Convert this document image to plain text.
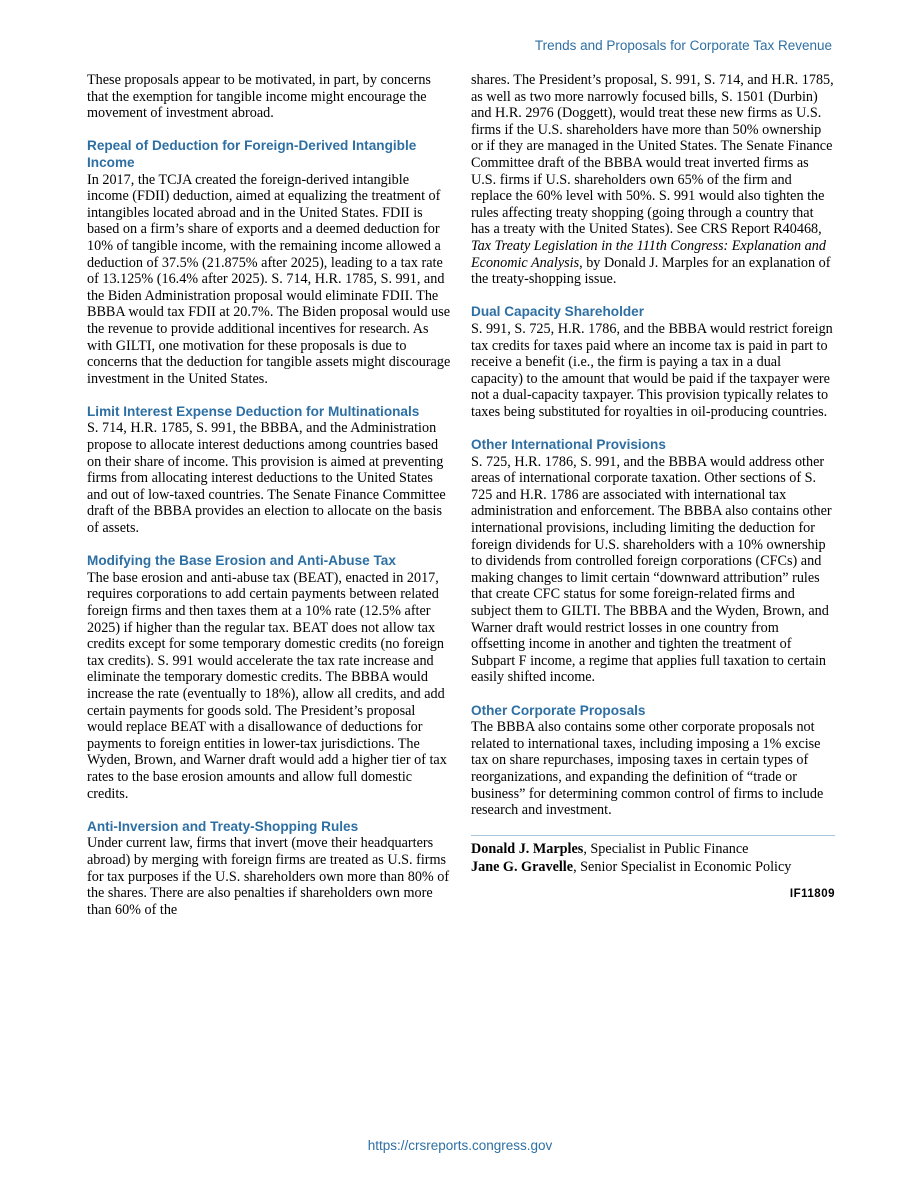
Trends and Proposals for Corporate Tax Revenue

These proposals appear to be motivated, in part, by concerns that the exemption for tangible income might encourage the movement of investment abroad.

Repeal of Deduction for Foreign-Derived Intangible Income

In 2017, the TCJA created the foreign-derived intangible income (FDII) deduction, aimed at equalizing the treatment of intangibles located abroad and in the United States. FDII is based on a firm’s share of exports and a deemed deduction for 10% of tangible income, with the remaining income allowed a deduction of 37.5% (21.875% after 2025), leading to a tax rate of 13.125% (16.4% after 2025). S. 714, H.R. 1785, S. 991, and the Biden Administration proposal would eliminate FDII. The BBBA would tax FDII at 20.7%. The Biden proposal would use the revenue to provide additional incentives for research. As with GILTI, one motivation for these proposals is due to concerns that the deduction for tangible assets might discourage investment in the United States.

Limit Interest Expense Deduction for Multinationals

S. 714, H.R. 1785, S. 991, the BBBA, and the Administration propose to allocate interest deductions among countries based on their share of income. This provision is aimed at preventing firms from allocating interest deductions to the United States and out of low-taxed countries. The Senate Finance Committee draft of the BBBA provides an election to allocate on the basis of assets.

Modifying the Base Erosion and Anti-Abuse Tax

The base erosion and anti-abuse tax (BEAT), enacted in 2017, requires corporations to add certain payments between related foreign firms and then taxes them at a 10% rate (12.5% after 2025) if higher than the regular tax. BEAT does not allow tax credits except for some temporary domestic credits (no foreign tax credits). S. 991 would accelerate the tax rate increase and eliminate the temporary domestic credits. The BBBA would increase the rate (eventually to 18%), allow all credits, and add certain payments for goods sold. The President’s proposal would replace BEAT with a disallowance of deductions for payments to foreign entities in lower-tax jurisdictions. The Wyden, Brown, and Warner draft would add a higher tier of tax rates to the base erosion amounts and allow full domestic credits.

Anti-Inversion and Treaty-Shopping Rules

Under current law, firms that invert (move their headquarters abroad) by merging with foreign firms are treated as U.S. firms for tax purposes if the U.S. shareholders own more than 80% of the shares. There are also penalties if shareholders own more than 60% of the

shares. The President’s proposal, S. 991, S. 714, and H.R. 1785, as well as two more narrowly focused bills, S. 1501 (Durbin) and H.R. 2976 (Doggett), would treat these new firms as U.S. firms if the U.S. shareholders have more than 50% ownership or if they are managed in the United States. The Senate Finance Committee draft of the BBBA would treat inverted firms as U.S. firms if U.S. shareholders own 65% of the firm and replace the 60% level with 50%. S. 991 would also tighten the rules affecting treaty shopping (going through a country that has a treaty with the United States). See CRS Report R40468, Tax Treaty Legislation in the 111th Congress: Explanation and Economic Analysis, by Donald J. Marples for an explanation of the treaty-shopping issue.

Dual Capacity Shareholder

S. 991, S. 725, H.R. 1786, and the BBBA would restrict foreign tax credits for taxes paid where an income tax is paid in part to receive a benefit (i.e., the firm is paying a tax in a dual capacity) to the amount that would be paid if the taxpayer were not a dual-capacity taxpayer. This provision typically relates to taxes being substituted for royalties in oil-producing countries.

Other International Provisions

S. 725, H.R. 1786, S. 991, and the BBBA would address other areas of international corporate taxation. Other sections of S. 725 and H.R. 1786 are associated with international tax administration and enforcement. The BBBA also contains other international provisions, including limiting the deduction for foreign dividends for U.S. shareholders with a 10% ownership to dividends from controlled foreign corporations (CFCs) and making changes to limit certain “downward attribution” rules that create CFC status for some foreign-related firms and subject them to GILTI. The BBBA and the Wyden, Brown, and Warner draft would restrict losses in one country from offsetting income in another and tighten the treatment of Subpart F income, a regime that applies full taxation to certain easily shifted income.

Other Corporate Proposals

The BBBA also contains some other corporate proposals not related to international taxes, including imposing a 1% excise tax on share repurchases, imposing taxes in certain types of reorganizations, and expanding the definition of “trade or business” for determining common control of firms to include research and investment.

Donald J. Marples, Specialist in Public Finance
Jane G. Gravelle, Senior Specialist in Economic Policy
IF11809
https://crsreports.congress.gov
